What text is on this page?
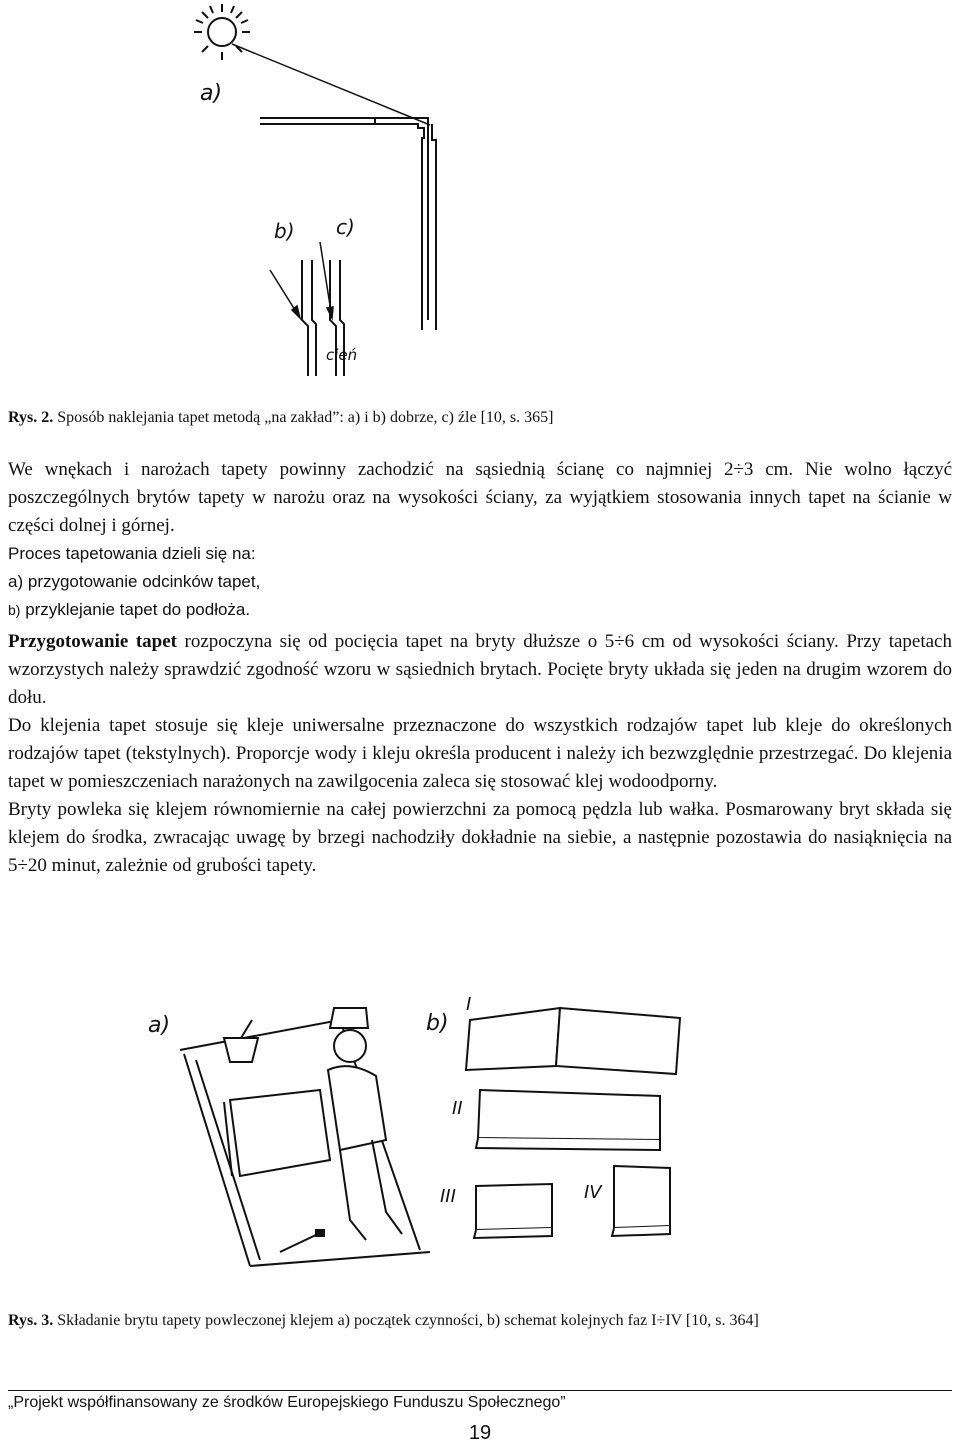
a)
b) c)
cień
Rys. 2. Sposób naklejania tapet metodą „na zakład”: a) i b) dobrze, c) źle [10, s. 365]

We wnękach i narożach tapety powinny zachodzić na sąsiednią ścianę co najmniej 2÷3 cm. Nie wolno łączyć poszczególnych brytów tapety w narożu oraz na wysokości ściany, za wyjątkiem stosowania innych tapet na ścianie w części dolnej i górnej.

Proces tapetowania dzieli się na:

a) przygotowanie odcinków tapet,

b) przyklejanie tapet do podłoża.

Przygotowanie tapet rozpoczyna się od pocięcia tapet na bryty dłuższe o 5÷6 cm od wysokości ściany. Przy tapetach wzorzystych należy sprawdzić zgodność wzoru w sąsiednich brytach. Pocięte bryty układa się jeden na drugim wzorem do dołu.

Do klejenia tapet stosuje się kleje uniwersalne przeznaczone do wszystkich rodzajów tapet lub kleje do określonych rodzajów tapet (tekstylnych). Proporcje wody i kleju określa producent i należy ich bezwzględnie przestrzegać. Do klejenia tapet w pomieszczeniach narażonych na zawilgocenia zaleca się stosować klej wodoodporny.

Bryty powleka się klejem równomiernie na całej powierzchni za pomocą pędzla lub wałka. Posmarowany bryt składa się klejem do środka, zwracając uwagę by brzegi nachodziły dokładnie na siebie, a następnie pozostawia do nasiąknięcia na 5÷20 minut, zależnie od grubości tapety.

a)	b)
I
II
III	IV
Rys. 3. Składanie brytu tapety powleczonej klejem a) początek czynności, b) schemat kolejnych faz I÷IV [10, s. 364]
„Projekt współfinansowany ze środków Europejskiego Funduszu Społecznego”
19
